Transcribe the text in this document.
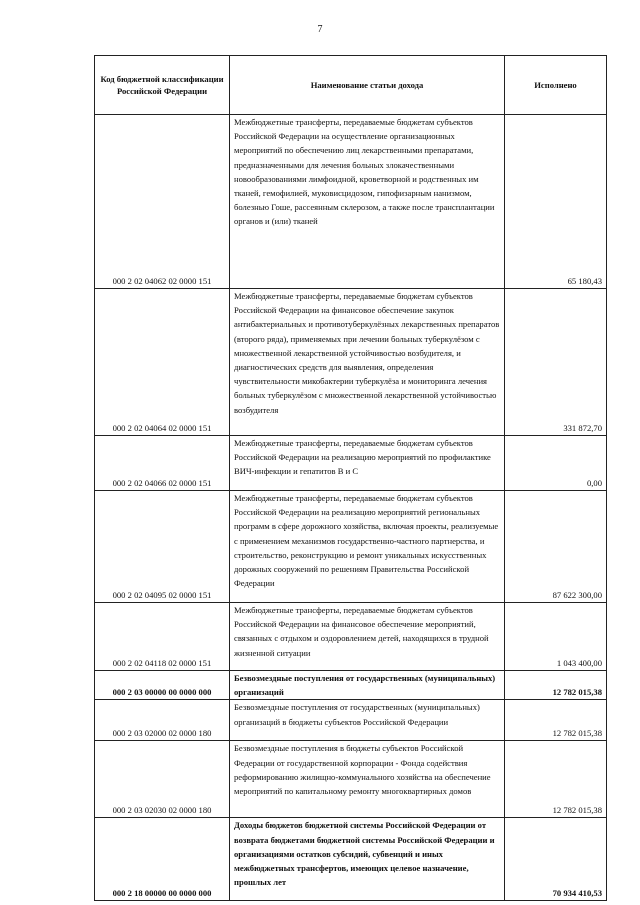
7
Код бюджетной классификации Российской Федерации	Наименование статьи дохода	Исполнено
000 2 02 04062 02 0000 151	Межбюджетные трансферты, передаваемые бюджетам субъектов Российской Федерации на осуществление организационных мероприятий по обеспечению лиц лекарственными препаратами, предназначенными для лечения больных злокачественными новообразованиями лимфоидной, кроветворной и родственных им тканей, гемофилией, муковисцидозом, гипофизарным нанизмом, болезнью Гоше, рассеянным склерозом, а также после трансплантации органов и (или) тканей	65 180,43
000 2 02 04064 02 0000 151	Межбюджетные трансферты, передаваемые бюджетам субъектов Российской Федерации на финансовое обеспечение закупок антибактериальных и противотуберкулёзных лекарственных препаратов (второго ряда), применяемых при лечении больных туберкулёзом с множественной лекарственной устойчивостью возбудителя, и диагностических средств для выявления, определения чувствительности микобактерии туберкулёза и мониторинга лечения больных туберкулёзом с множественной лекарственной устойчивостью возбудителя	331 872,70
000 2 02 04066 02 0000 151	Межбюджетные трансферты, передаваемые бюджетам субъектов Российской Федерации на реализацию мероприятий по профилактике ВИЧ-инфекции и гепатитов В и С	0,00
000 2 02 04095 02 0000 151	Межбюджетные трансферты, передаваемые бюджетам субъектов Российской Федерации на реализацию мероприятий региональных программ в сфере дорожного хозяйства, включая проекты, реализуемые с применением механизмов государственно-частного партнерства, и строительство, реконструкцию и ремонт уникальных искусственных дорожных сооружений по решениям Правительства Российской Федерации	87 622 300,00
000 2 02 04118 02 0000 151	Межбюджетные трансферты, передаваемые бюджетам субъектов Российской Федерации на финансовое обеспечение мероприятий, связанных с отдыхом и оздоровлением детей, находящихся в трудной жизненной ситуации	1 043 400,00
000 2 03 00000 00 0000 000	Безвозмездные поступления от государственных (муниципальных) организаций	12 782 015,38
000 2 03 02000 02 0000 180	Безвозмездные поступления от государственных (муниципальных) организаций в бюджеты субъектов Российской Федерации	12 782 015,38
000 2 03 02030 02 0000 180	Безвозмездные поступления в бюджеты субъектов Российской Федерации от государственной корпорации - Фонда содействия реформированию жилищно-коммунального хозяйства на обеспечение мероприятий по капитальному ремонту многоквартирных домов	12 782 015,38
000 2 18 00000 00 0000 000	Доходы бюджетов бюджетной системы Российской Федерации от возврата бюджетами бюджетной системы Российской Федерации и организациями остатков субсидий, субвенций и иных межбюджетных трансфертов, имеющих целевое назначение, прошлых лет	70 934 410,53
